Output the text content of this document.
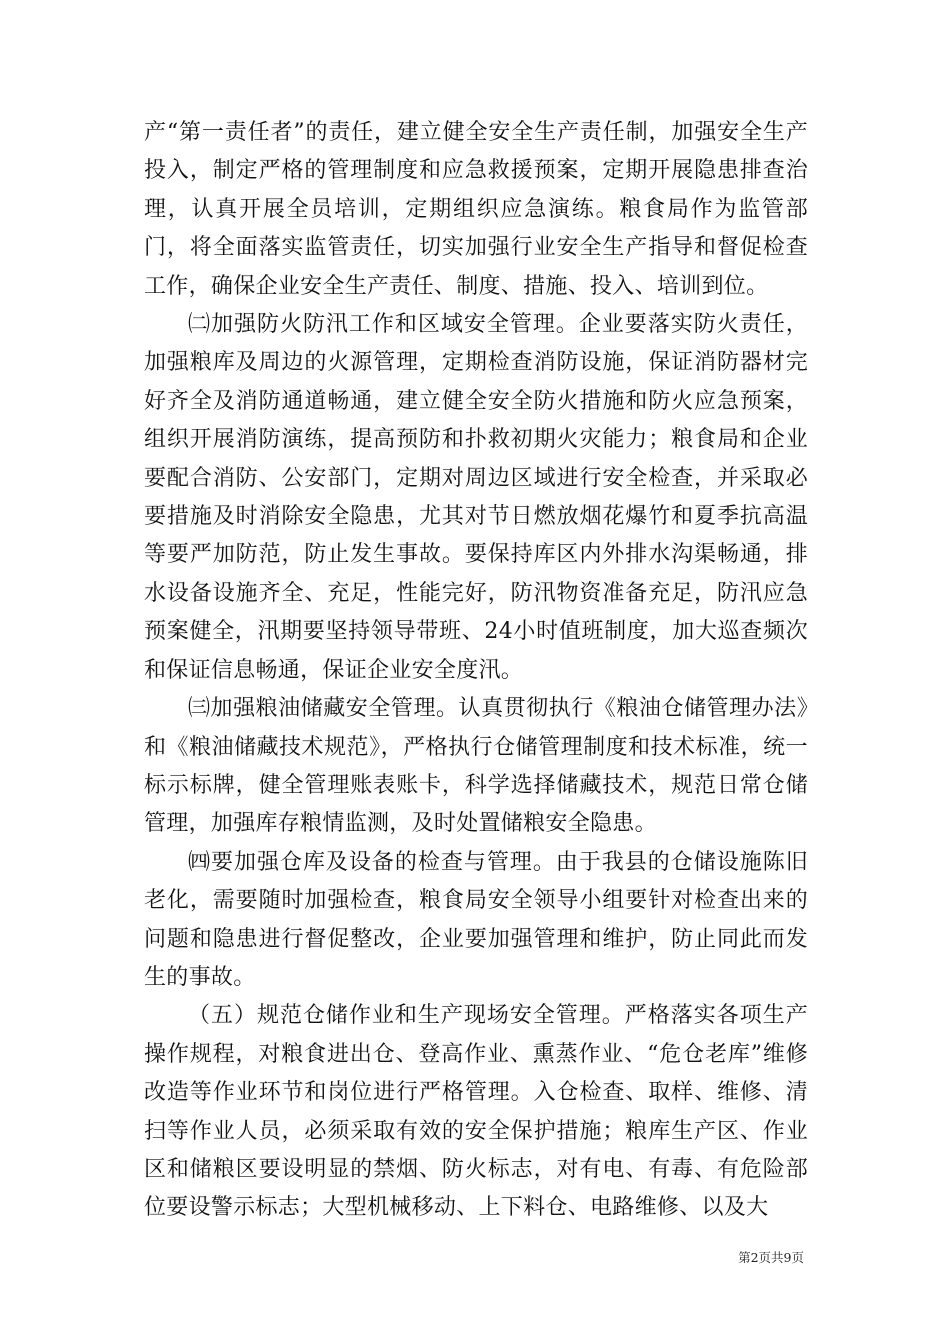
产“第一责任者”的责任，建立健全安全生产责任制，加强安全生产投入，制定严格的管理制度和应急救援预案，定期开展隐患排查治理，认真开展全员培训，定期组织应急演练。粮食局作为监管部门，将全面落实监管责任，切实加强行业安全生产指导和督促检查工作，确保企业安全生产责任、制度、措施、投入、培训到位。

㈡加强防火防汛工作和区域安全管理。企业要落实防火责任，加强粮库及周边的火源管理，定期检查消防设施，保证消防器材完好齐全及消防通道畅通，建立健全安全防火措施和防火应急预案，组织开展消防演练，提高预防和扑救初期火灾能力；粮食局和企业要配合消防、公安部门，定期对周边区域进行安全检查，并采取必要措施及时消除安全隐患，尤其对节日燃放烟花爆竹和夏季抗高温等要严加防范，防止发生事故。要保持库区内外排水沟渠畅通，排水设备设施齐全、充足，性能完好，防汛物资准备充足，防汛应急预案健全，汛期要坚持领导带班、24小时值班制度，加大巡查频次和保证信息畅通，保证企业安全度汛。

㈢加强粮油储藏安全管理。认真贯彻执行《粮油仓储管理办法》和《粮油储藏技术规范》，严格执行仓储管理制度和技术标准，统一标示标牌，健全管理账表账卡，科学选择储藏技术，规范日常仓储管理，加强库存粮情监测，及时处置储粮安全隐患。

㈣要加强仓库及设备的检查与管理。由于我县的仓储设施陈旧老化，需要随时加强检查，粮食局安全领导小组要针对检查出来的问题和隐患进行督促整改，企业要加强管理和维护，防止同此而发生的事故。

（五）规范仓储作业和生产现场安全管理。严格落实各项生产操作规程，对粮食进出仓、登高作业、熏蒸作业、“危仓老库”维修改造等作业环节和岗位进行严格管理。入仓检查、取样、维修、清扫等作业人员，必须采取有效的安全保护措施；粮库生产区、作业区和储粮区要设明显的禁烟、防火标志，对有电、有毒、有危险部位要设警示标志；大型机械移动、上下料仓、电路维修、以及大

第2页共9页
